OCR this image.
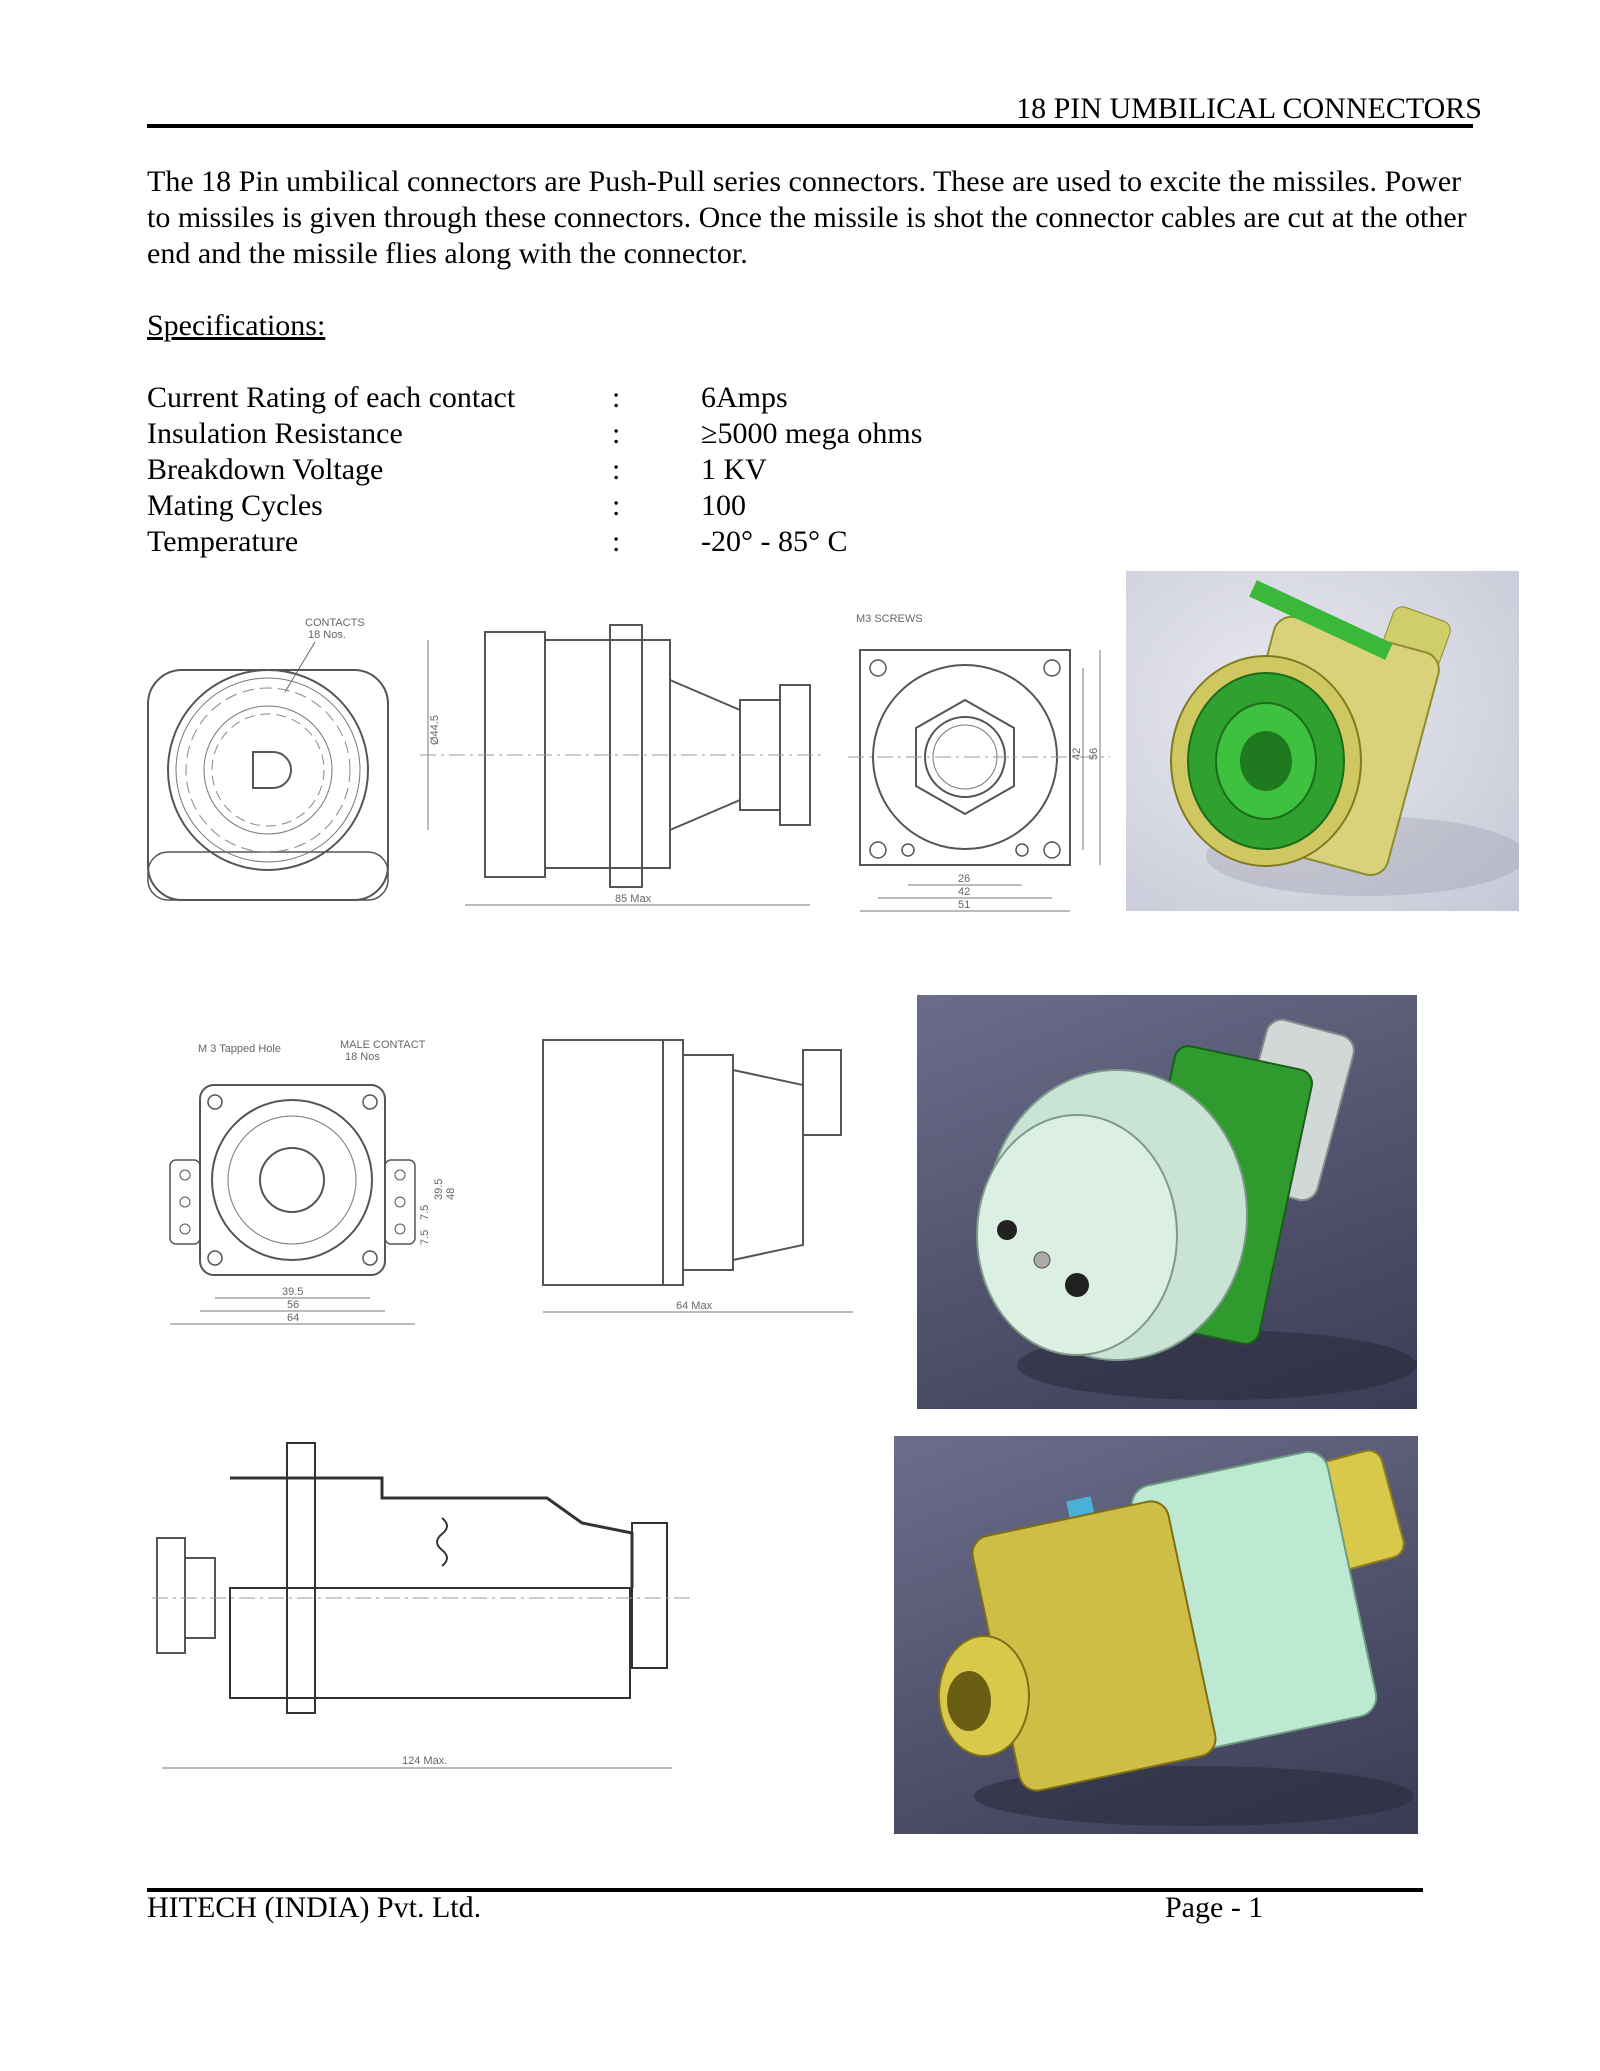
18 PIN UMBILICAL CONNECTORS
The 18 Pin umbilical connectors are Push-Pull series connectors. These are used to excite the missiles. Power to missiles is given through these connectors. Once the missile is shot the connector cables are cut at the other end and the missile flies along with the connector.
Specifications:
Current Rating of each contact	:	6Amps
Insulation Resistance	:	≥5000 mega ohms
Breakdown Voltage	:	1 KV
Mating Cycles	:	100
Temperature	:	-20° - 85° C
CONTACTS
18 Nos.
Ø44.5
85 Max
M3 SCREWS
42 56
26
42
51
M 3 Tapped Hole	MALE CONTACT
18 Nos
7.5
7.5
39.5 48
39.5
56
64
64 Max
124 Max.
HITECH (INDIA) Pvt. Ltd.	Page - 1
